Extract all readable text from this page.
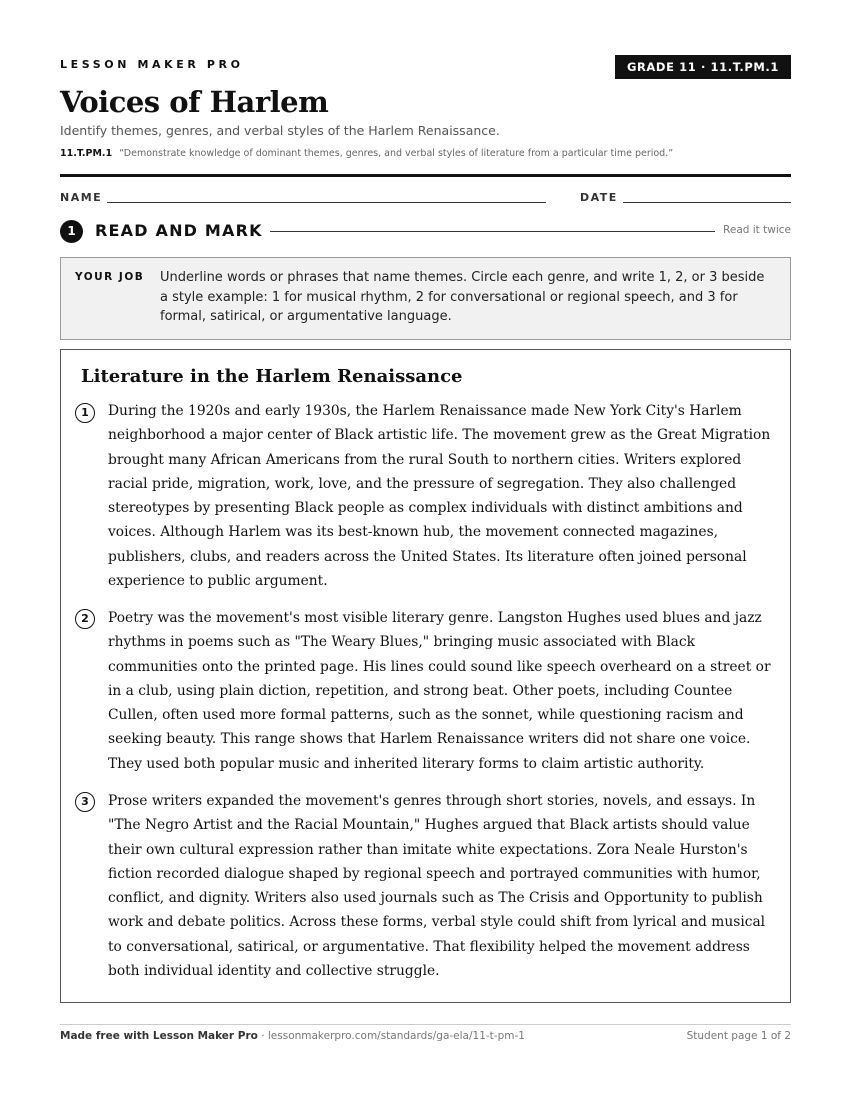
LESSON MAKER PRO	GRADE 11 · 11.T.PM.1
Voices of Harlem
Identify themes, genres, and verbal styles of the Harlem Renaissance.
11.T.PM.1 “Demonstrate knowledge of dominant themes, genres, and verbal styles of literature from a particular time period.”
NAME	DATE
1	READ AND MARK	Read it twice
YOUR JOB Underline words or phrases that name themes. Circle each genre, and write 1, 2, or 3 beside a style example: 1 for musical rhythm, 2 for conversational or regional speech, and 3 for formal, satirical, or argumentative language.
Literature in the Harlem Renaissance
1	During the 1920s and early 1930s, the Harlem Renaissance made New York City's Harlem neighborhood a major center of Black artistic life. The movement grew as the Great Migration brought many African Americans from the rural South to northern cities. Writers explored racial pride, migration, work, love, and the pressure of segregation. They also challenged stereotypes by presenting Black people as complex individuals with distinct ambitions and voices. Although Harlem was its best-known hub, the movement connected magazines, publishers, clubs, and readers across the United States. Its literature often joined personal experience to public argument.

2	Poetry was the movement's most visible literary genre. Langston Hughes used blues and jazz rhythms in poems such as "The Weary Blues," bringing music associated with Black communities onto the printed page. His lines could sound like speech overheard on a street or in a club, using plain diction, repetition, and strong beat. Other poets, including Countee Cullen, often used more formal patterns, such as the sonnet, while questioning racism and seeking beauty. This range shows that Harlem Renaissance writers did not share one voice. They used both popular music and inherited literary forms to claim artistic authority.

3	Prose writers expanded the movement's genres through short stories, novels, and essays. In "The Negro Artist and the Racial Mountain," Hughes argued that Black artists should value their own cultural expression rather than imitate white expectations. Zora Neale Hurston's fiction recorded dialogue shaped by regional speech and portrayed communities with humor, conflict, and dignity. Writers also used journals such as The Crisis and Opportunity to publish work and debate politics. Across these forms, verbal style could shift from lyrical and musical to conversational, satirical, or argumentative. That flexibility helped the movement address both individual identity and collective struggle.

Made free with Lesson Maker Pro · lessonmakerpro.com/standards/ga-ela/11-t-pm-1	Student page 1 of 2
